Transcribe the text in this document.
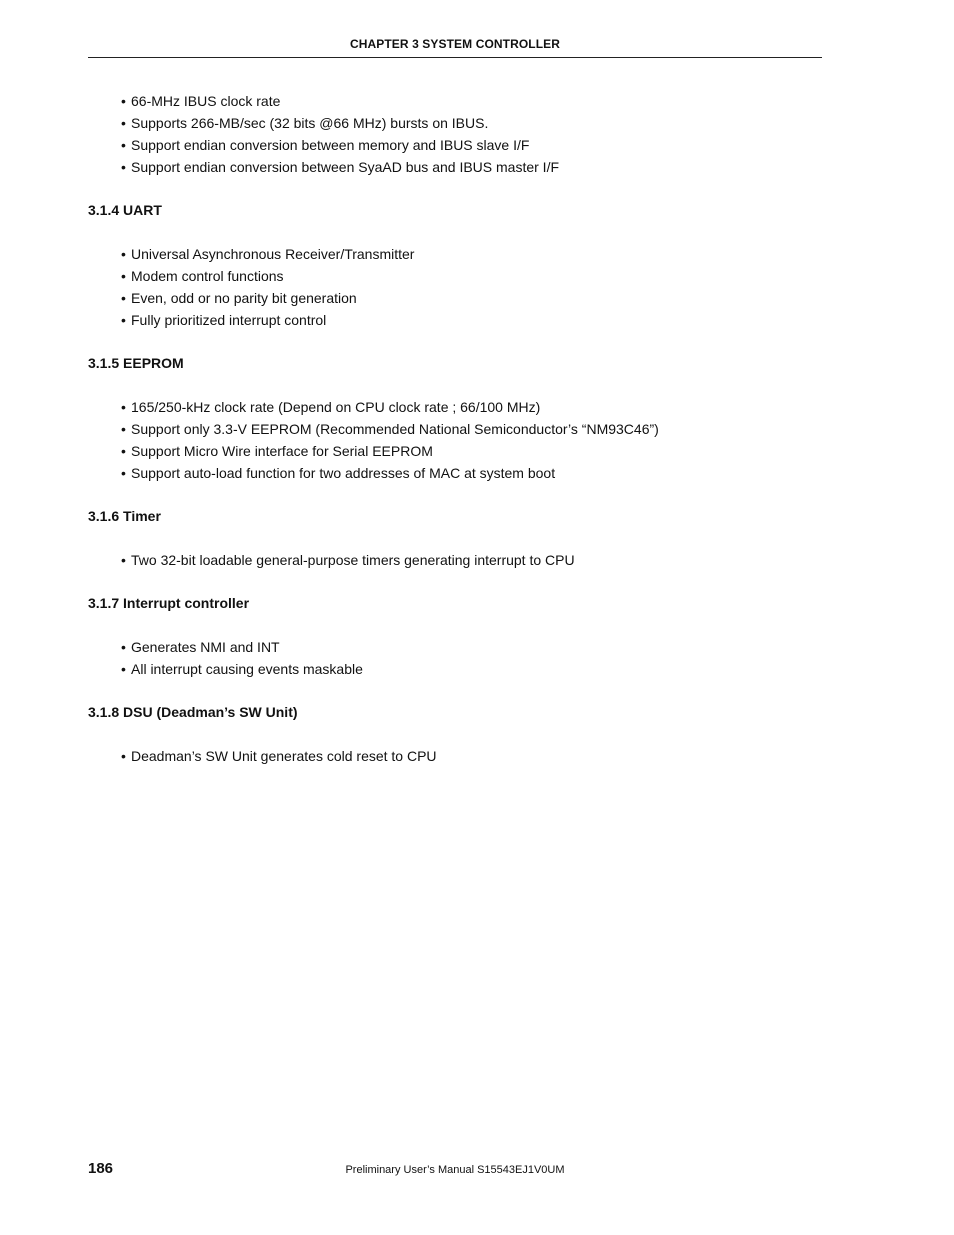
CHAPTER 3 SYSTEM CONTROLLER
• 66-MHz IBUS clock rate
• Supports 266-MB/sec (32 bits @66 MHz) bursts on IBUS.
• Support endian conversion between memory and IBUS slave I/F
• Support endian conversion between SyaAD bus and IBUS master I/F
3.1.4 UART
• Universal Asynchronous Receiver/Transmitter
• Modem control functions
• Even, odd or no parity bit generation
• Fully prioritized interrupt control
3.1.5 EEPROM
• 165/250-kHz clock rate (Depend on CPU clock rate ; 66/100 MHz)
• Support only 3.3-V EEPROM (Recommended National Semiconductor’s “NM93C46”)
• Support Micro Wire interface for Serial EEPROM
• Support auto-load function for two addresses of MAC at system boot
3.1.6 Timer
• Two 32-bit loadable general-purpose timers generating interrupt to CPU
3.1.7 Interrupt controller
• Generates NMI and INT
• All interrupt causing events maskable
3.1.8 DSU (Deadman’s SW Unit)
• Deadman’s SW Unit generates cold reset to CPU
186	Preliminary User’s Manual S15543EJ1V0UM
